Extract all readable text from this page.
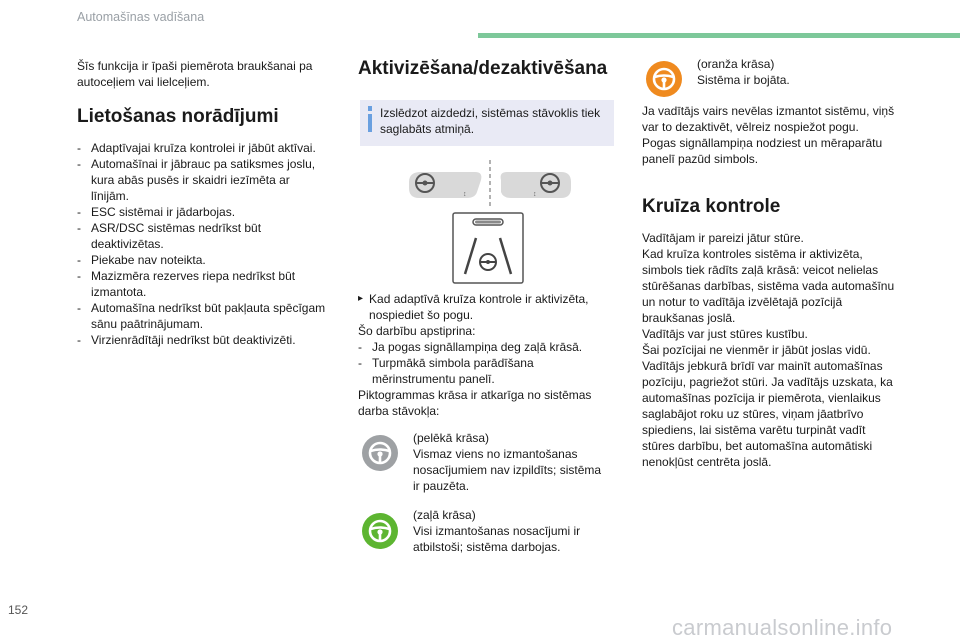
Automašīnas vadīšana

Šīs funkcija ir īpaši piemērota braukšanai pa

autoceļiem vai lielceļiem.

Lietošanas norādījumi
- Adaptīvajai kruīza kontrolei ir jābūt aktīvai.
- Automašīnai ir jābrauc pa satiksmes joslu,
kura abās pusēs ir skaidri iezīmēta ar
līnijām.
- ESC sistēmai ir jādarbojas.
- ASR/DSC sistēmas nedrīkst būt
deaktivizētas.
- Piekabe nav noteikta.
- Mazizmēra rezerves riepa nedrīkst būt
izmantota.
- Automašīna nedrīkst būt pakļauta spēcīgam
sānu paātrinājumam.
- Virzienrādītāji nedrīkst būt deaktivizēti.
Aktivizēšana/dezaktivēšana

Izslēdzot aizdedzi, sistēmas stāvoklis tiek

saglabāts atmiņā.

↕	↕
▸ Kad adaptīvā kruīza kontrole ir aktivizēta,
nospiediet šo pogu.

Šo darbību apstiprina:

- Ja pogas signāllampiņa deg zaļā krāsā.
- Turpmākā simbola parādīšana
mērinstrumentu panelī.

Piktogrammas krāsa ir atkarīga no sistēmas

darba stāvokļa:

(pelēkā krāsa)

Vismaz viens no izmantošanas

nosacījumiem nav izpildīts; sistēma

ir pauzēta.

(zaļā krāsa)

Visi izmantošanas nosacījumi ir

atbilstoši; sistēma darbojas.

(oranža krāsa)

Sistēma ir bojāta.

Ja vadītājs vairs nevēlas izmantot sistēmu, viņš

var to dezaktivēt, vēlreiz nospiežot pogu.

Pogas signāllampiņa nodziest un mēraparātu

panelī pazūd simbols.

Kruīza kontrole

Vadītājam ir pareizi jātur stūre.

Kad kruīza kontroles sistēma ir aktivizēta,

simbols tiek rādīts zaļā krāsā: veicot nelielas

stūrēšanas darbības, sistēma vada automašīnu

un notur to vadītāja izvēlētajā pozīcijā

braukšanas joslā.

Vadītājs var just stūres kustību.

Šai pozīcijai ne vienmēr ir jābūt joslas vidū.

Vadītājs jebkurā brīdī var mainīt automašīnas

pozīciju, pagriežot stūri. Ja vadītājs uzskata, ka

automašīnas pozīcija ir piemērota, vienlaikus

saglabājot roku uz stūres, viņam jāatbrīvo

spiediens, lai sistēma varētu turpināt vadīt

stūres darbību, bet automašīna automātiski

nenokļūst centrēta joslā.

152
carmanualsonline.info
